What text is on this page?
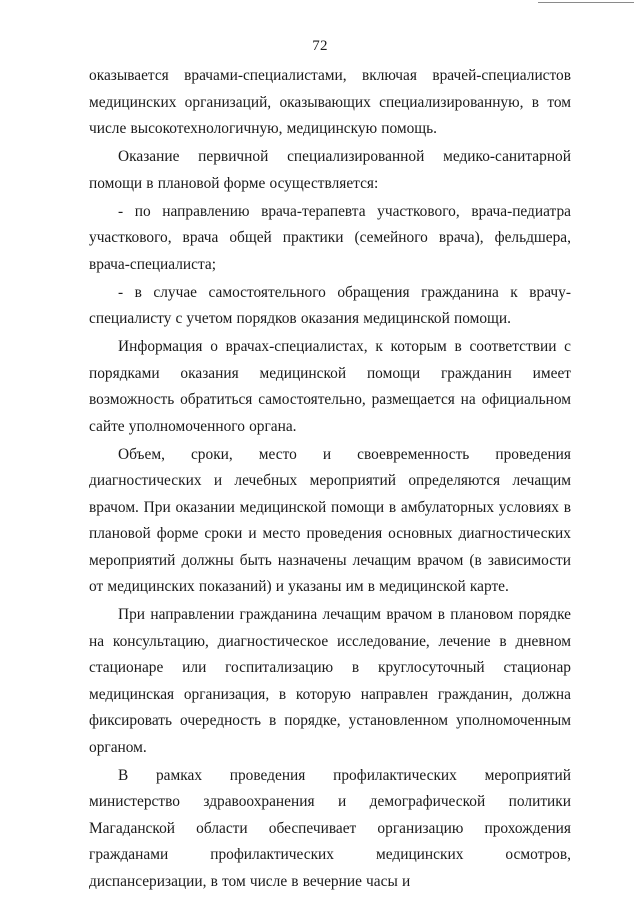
72

оказывается врачами-специалистами, включая врачей-специалистов медицинских организаций, оказывающих специализированную, в том числе высокотехнологичную, медицинскую помощь.

Оказание первичной специализированной медико-санитарной помощи в плановой форме осуществляется:

- по направлению врача-терапевта участкового, врача-педиатра участкового, врача общей практики (семейного врача), фельдшера, врача-специалиста;

- в случае самостоятельного обращения гражданина к врачу-специалисту с учетом порядков оказания медицинской помощи.

Информация о врачах-специалистах, к которым в соответствии с порядками оказания медицинской помощи гражданин имеет возможность обратиться самостоятельно, размещается на официальном сайте уполномоченного органа.

Объем, сроки, место и своевременность проведения диагностических и лечебных мероприятий определяются лечащим врачом. При оказании медицинской помощи в амбулаторных условиях в плановой форме сроки и место проведения основных диагностических мероприятий должны быть назначены лечащим врачом (в зависимости от медицинских показаний) и указаны им в медицинской карте.

При направлении гражданина лечащим врачом в плановом порядке на консультацию, диагностическое исследование, лечение в дневном стационаре или госпитализацию в круглосуточный стационар медицинская организация, в которую направлен гражданин, должна фиксировать очередность в порядке, установленном уполномоченным органом.

В рамках проведения профилактических мероприятий министерство здравоохранения и демографической политики Магаданской области обеспечивает организацию прохождения гражданами профилактических медицинских осмотров, диспансеризации, в том числе в вечерние часы и
